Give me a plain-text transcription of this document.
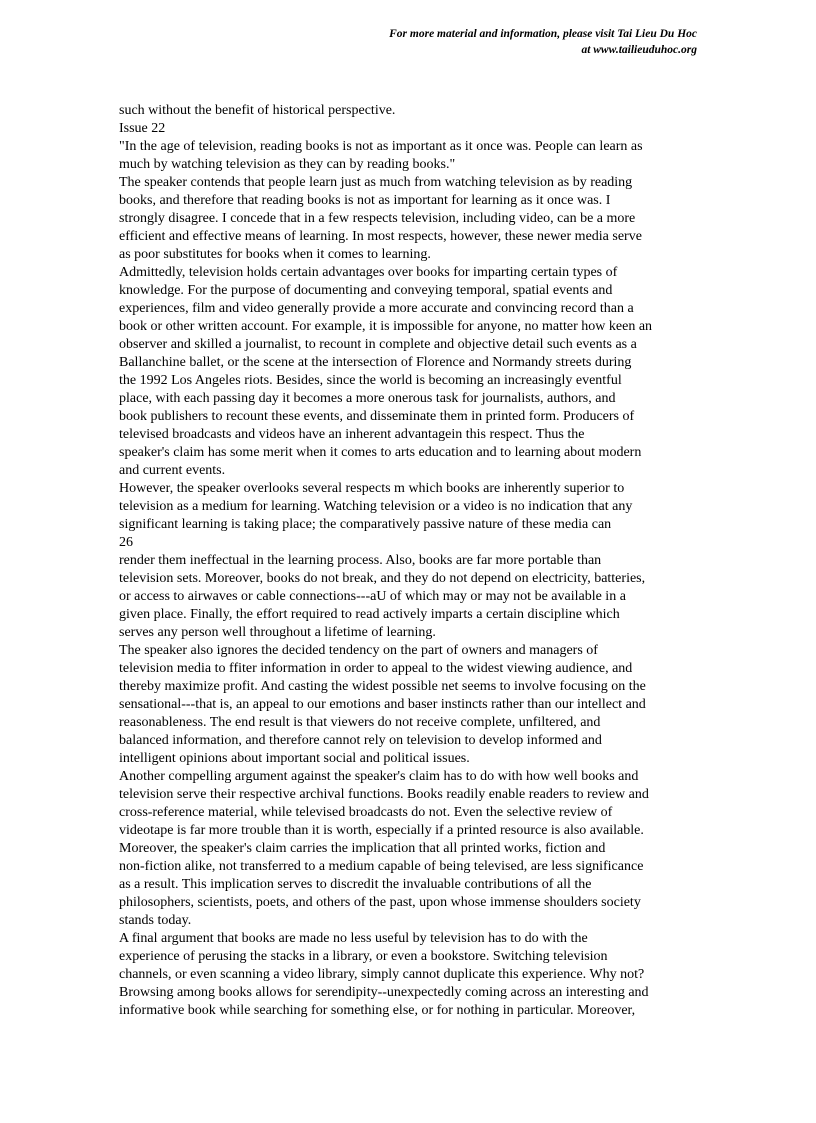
For more material and information, please visit Tai Lieu Du Hoc
at www.tailieuduhoc.org
such without the benefit of historical perspective.
Issue 22
"In the age of television, reading books is not as important as it once was. People can learn as
much by watching television as they can by reading books."
The speaker contends that people learn just as much from watching television as by reading
books, and therefore that reading books is not as important for learning as it once was. I
strongly disagree. I concede that in a few respects television, including video, can be a more
efficient and effective means of learning. In most respects, however, these newer media serve
as poor substitutes for books when it comes to learning.
Admittedly, television holds certain advantages over books for imparting certain types of
knowledge. For the purpose of documenting and conveying temporal, spatial events and
experiences, film and video generally provide a more accurate and convincing record than a
book or other written account. For example, it is impossible for anyone, no matter how keen an
observer and skilled a journalist, to recount in complete and objective detail such events as a
Ballanchine ballet, or the scene at the intersection of Florence and Normandy streets during
the 1992 Los Angeles riots. Besides, since the world is becoming an increasingly eventful
place, with each passing day it becomes a more onerous task for journalists, authors, and
book publishers to recount these events, and disseminate them in printed form. Producers of
televised broadcasts and videos have an inherent advantagein this respect. Thus the
speaker's claim has some merit when it comes to arts education and to learning about modern
and current events.
However, the speaker overlooks several respects m which books are inherently superior to
television as a medium for learning. Watching television or a video is no indication that any
significant learning is taking place; the comparatively passive nature of these media can
26
render them ineffectual in the learning process. Also, books are far more portable than
television sets. Moreover, books do not break, and they do not depend on electricity, batteries,
or access to airwaves or cable connections---aU of which may or may not be available in a
given place. Finally, the effort required to read actively imparts a certain discipline which
serves any person well throughout a lifetime of learning.
The speaker also ignores the decided tendency on the part of owners and managers of
television media to ffiter information in order to appeal to the widest viewing audience, and
thereby maximize profit. And casting the widest possible net seems to involve focusing on the
sensational---that is, an appeal to our emotions and baser instincts rather than our intellect and
reasonableness. The end result is that viewers do not receive complete, unfiltered, and
balanced information, and therefore cannot rely on television to develop informed and
intelligent opinions about important social and political issues.
Another compelling argument against the speaker's claim has to do with how well books and
television serve their respective archival functions. Books readily enable readers to review and
cross-reference material, while televised broadcasts do not. Even the selective review of
videotape is far more trouble than it is worth, especially if a printed resource is also available.
Moreover, the speaker's claim carries the implication that all printed works, fiction and
non-fiction alike, not transferred to a medium capable of being televised, are less significance
as a result. This implication serves to discredit the invaluable contributions of all the
philosophers, scientists, poets, and others of the past, upon whose immense shoulders society
stands today.
A final argument that books are made no less useful by television has to do with the
experience of perusing the stacks in a library, or even a bookstore. Switching television
channels, or even scanning a video library, simply cannot duplicate this experience. Why not?
Browsing among books allows for serendipity--unexpectedly coming across an interesting and
informative book while searching for something else, or for nothing in particular. Moreover,
